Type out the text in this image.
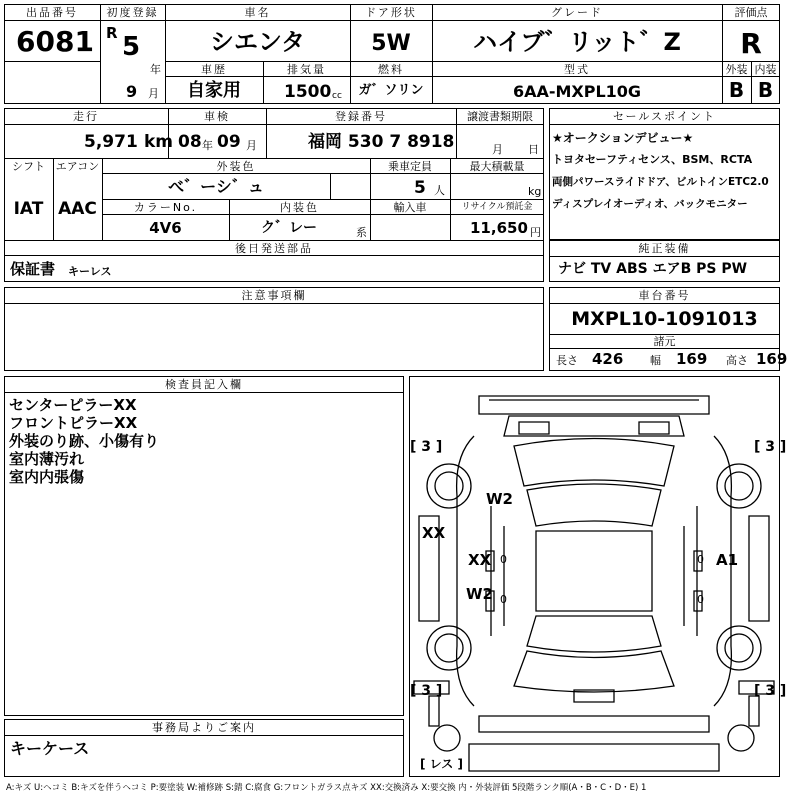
出品番号
6081
初度登録
R 5
年
9 月
車名
シエンタ
ドア形状
5W
グレード
ハイブ゛リット゛Z
評価点
R
車歴
自家用
排気量
1500 cc
燃料
ガ゛ソリン
型式
6AA-MXPL10G
外装 内装
B B
走行
5,971 km
車検
08 年 09 月
登録番号
福岡 530 7 8918
譲渡書類期限
月 日
シフト
IAT
エアコン
AAC
外装色
べ゛ーシ゛ュ
乗車定員
5 人
最大積載量
kg
カラーNo.
4V6
内装色
ク゛レー	系
輸入車	リサイクル預託金
11,650 円
後日発送部品
保証書 キーレス
セールスポイント
★オークションデビュー★
トヨタセーフティセンス、BSM、RCTA
両側パワースライドドア、ビルトインETC2.0
ディスプレイオーディオ、バックモニター
純正装備
ナビ TV ABS エアB PS PW
注意事項欄	車台番号
MXPL10-1091013
諸元
長さ 426 幅 169 高さ 169
検査員記入欄
センターピラーXX
フロントピラーXX
外装のり跡、小傷有り
室内薄汚れ
室内内張傷
事務局よりご案内
キーケース
[ 3 ]	[ 3 ]
[ 3 ]	[ 3 ]
W2
XX
XX 0
W2 0
0 A1
0
[ レス ]
A:キズ U:ヘコミ B:キズを伴うヘコミ P:要塗装 W:補修跡 S:錆 C:腐食 G:フロントガラス点キズ XX:交換済み X:要交換 内・外装評価 5段階ランク順(A・B・C・D・E) 1
